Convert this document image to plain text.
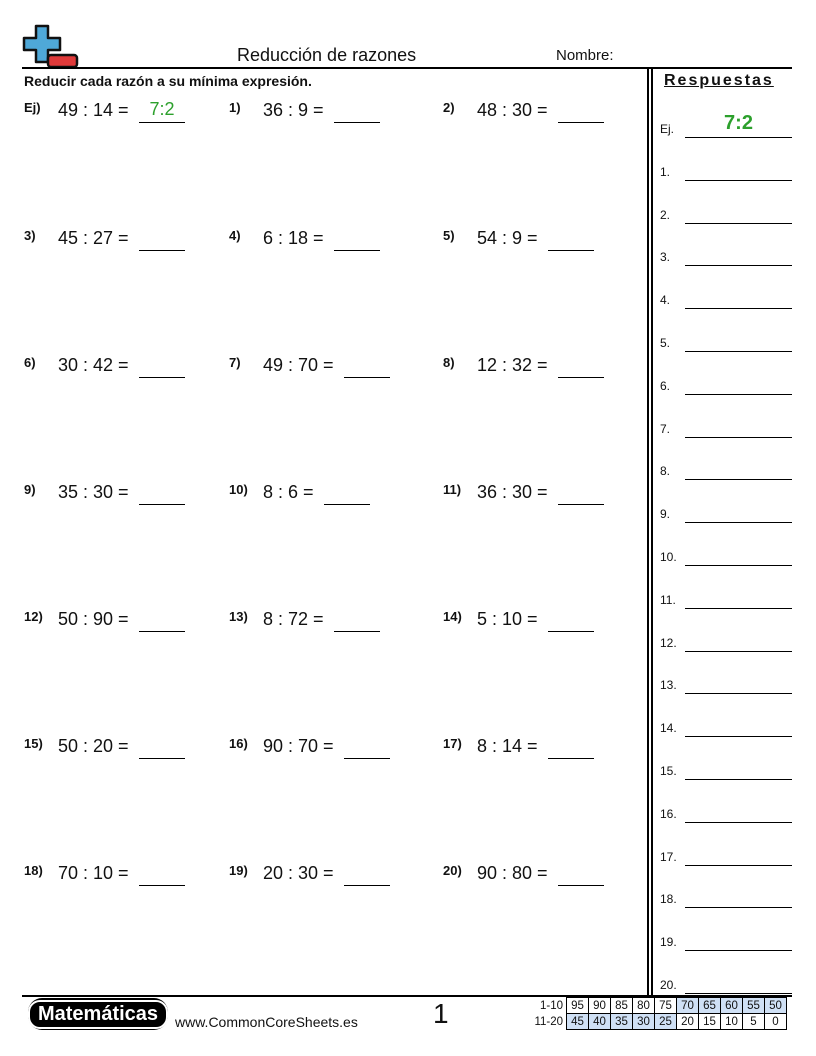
Reducción de razones	Nombre:
Reducir cada razón a su mínima expresión.
Ej) 49 : 14 =	7:2	1) 36 : 9 =	2) 48 : 30 =
3) 45 : 27 =	4) 6 : 18 =	5) 54 : 9 =
6) 30 : 42 =	7) 49 : 70 =	8) 12 : 32 =
9) 35 : 30 =	10) 8 : 6 =	11) 36 : 30 =
12) 50 : 90 =	13) 8 : 72 =	14) 5 : 10 =
15) 50 : 20 =	16) 90 : 70 =	17) 8 : 14 =
18) 70 : 10 =	19) 20 : 30 =	20) 90 : 80 =
Respuestas
Ej.	7:2
1.
2.
3.
4.
5.
6.
7.
8.
9.
10.
11.
12.
13.
14.
15.
16.
17.
18.
19.
20.
Matemáticas	www.CommonCoreSheets.es	1	1-10	95	90	85	80	75	70	65	60	55	50
11-20	45	40	35	30	25	20	15	10	5	0
